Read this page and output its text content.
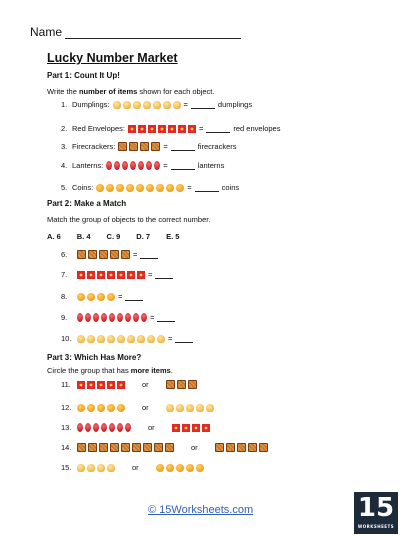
Name
Lucky Number Market
Part 1: Count It Up!
Write the number of items shown for each object.
1. Dumplings:	=	dumplings
2. Red Envelopes:	=	red envelopes
3. Firecrackers:	=	firecrackers
4. Lanterns:	=	lanterns
5. Coins:	=	coins
Part 2: Make a Match
Match the group of objects to the correct number.
A. 6 B. 4 C. 9 D. 7 E. 5
6.	=
7.	=
8.	=
9.	=
10.	=
Part 3: Which Has More?
Circle the group that has more items.
11.	or
12.	or
13.	or
14.	or
15.	or
© 15Worksheets.com	15
WORKSHEETS
